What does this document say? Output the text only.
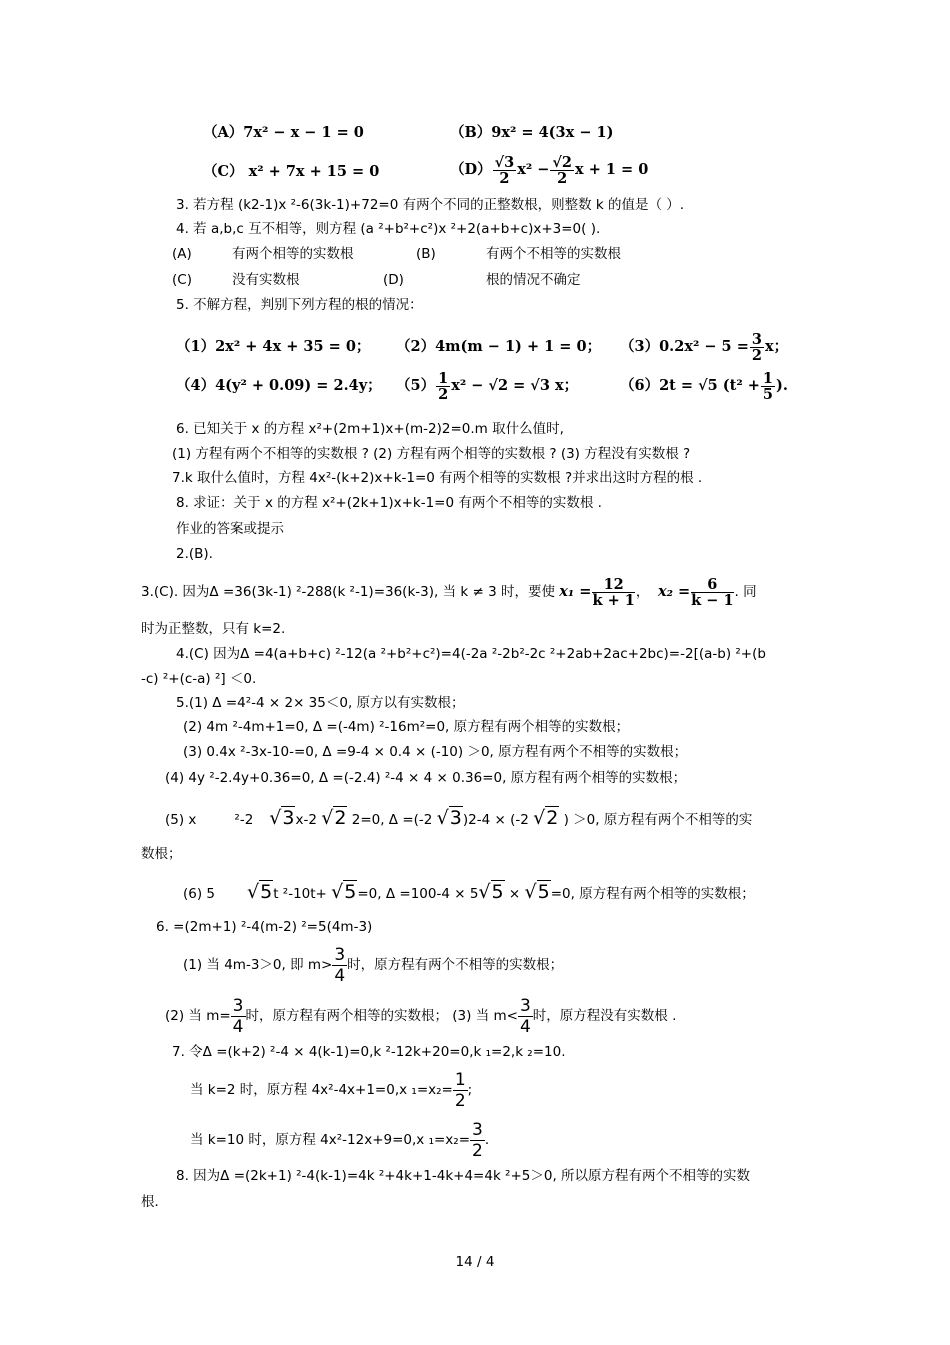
（A）7x² − x − 1 = 0	（B）9x² = 4(3x − 1)
（C） x² + 7x + 15 = 0	$(D) \frac{√3}{2} x^2 - \frac{√2}{2}$ x + 1 = 0
3. 若方程 (k2-1)x ²-6(3k-1)+72=0 有两个不同的正整数根，则整数 k 的值是（ ）.
4. 若 a,b,c 互不相等，则方程 (a ²+b²+c²)x ²+2(a+b+c)x+3=0( ).
(A)	有两个相等的实数根	(B)	有两个不相等的实数根
(C)	没有实数根	(D)	根的情况不确定
5. 不解方程，判别下列方程的根的情况：
（1）2x² + 4x + 35 = 0； （2）4m(m − 1) + 1 = 0； $(3)0.2x^2 - 5 = \frac{3}{2}$ x；
（4）4(y² + 0.09) = 2.4y； $(5) \frac{1}{2} x^2 - √2 = √3$ x；	（6）2t = √5 ($t^2 + \frac{1}{5}$ ).
6. 已知关于 x 的方程 x²+(2m+1)x+(m-2)2=0.m 取什么值时,
(1) 方程有两个不相等的实数根 ? (2) 方程有两个相等的实数根 ? (3) 方程没有实数根 ?
7.k 取什么值时，方程 4x²-(k+2)x+k-1=0 有两个相等的实数根 ?并求出这时方程的根 .
8. 求证：关于 x 的方程 x²+(2k+1)x+k-1=0 有两个不相等的实数根 .
作业的答案或提示
2.(B).
3.(C). 因为Δ =36(3k-1) ²-288(k ²-1)=36(k-3), 当 k ≠ 3 时，要使 $x_1 = \frac{12}{k + 1}$ ，  $x_2 = \frac{6}{k - 1}$ . 同
时为正整数，只有 k=2.
4.(C) 因为Δ =4(a+b+c) ²-12(a ²+b²+c²)=4(-2a ²-2b²-2c ²+2ab+2ac+2bc)=-2[(a-b) ²+(b
-c) ²+(c-a) ²] ＜0.
5.(1) Δ =4²-4 × 2× 35＜0, 原方以有实数根；
(2) 4m ²-4m+1=0, Δ =(-4m) ²-16m²=0, 原方程有两个相等的实数根；
(3) 0.4x ²-3x-10-=0, Δ =9-4 × 0.4 × (-10) ＞0, 原方程有两个不相等的实数根；
(4) 4y ²-2.4y+0.36=0, Δ =(-2.4) ²-4 × 4 × 0.36=0, 原方程有两个相等的实数根；
(5) x	²-2 √3x-2 √2 2=0, Δ =(-2 √3)2-4 × (-2 √2 ) ＞0, 原方程有两个不相等的实
数根；
(6) 5 √5t ²-10t+ √5=0, Δ =100-4 × 5√5 × √5=0, 原方程有两个相等的实数根；
6. =(2m+1) ²-4(m-2) ²=5(4m-3)
(1) 当 4m-3＞0, 即 $m> \frac{3}{4}$ 时，原方程有两个不相等的实数根；
(2) 当 $m= \frac{3}{4}$ 时，原方程有两个相等的实数根； (3) 当 $m< \frac{3}{4}$ 时，原方程没有实数根 .
7. 令Δ =(k+2) ²-4 × 4(k-1)=0,k ²-12k+20=0,k ₁=2,k ₂=10.
当 k=2 时，原方程 4x²-4x+1=0,x $_1=x_2= \frac{1}{2}$ ;
当 k=10 时，原方程 4x²-12x+9=0,x $_1=x_2= \frac{3}{2}$ .
8. 因为Δ =(2k+1) ²-4(k-1)=4k ²+4k+1-4k+4=4k ²+5＞0, 所以原方程有两个不相等的实数
根．
14 / 4
